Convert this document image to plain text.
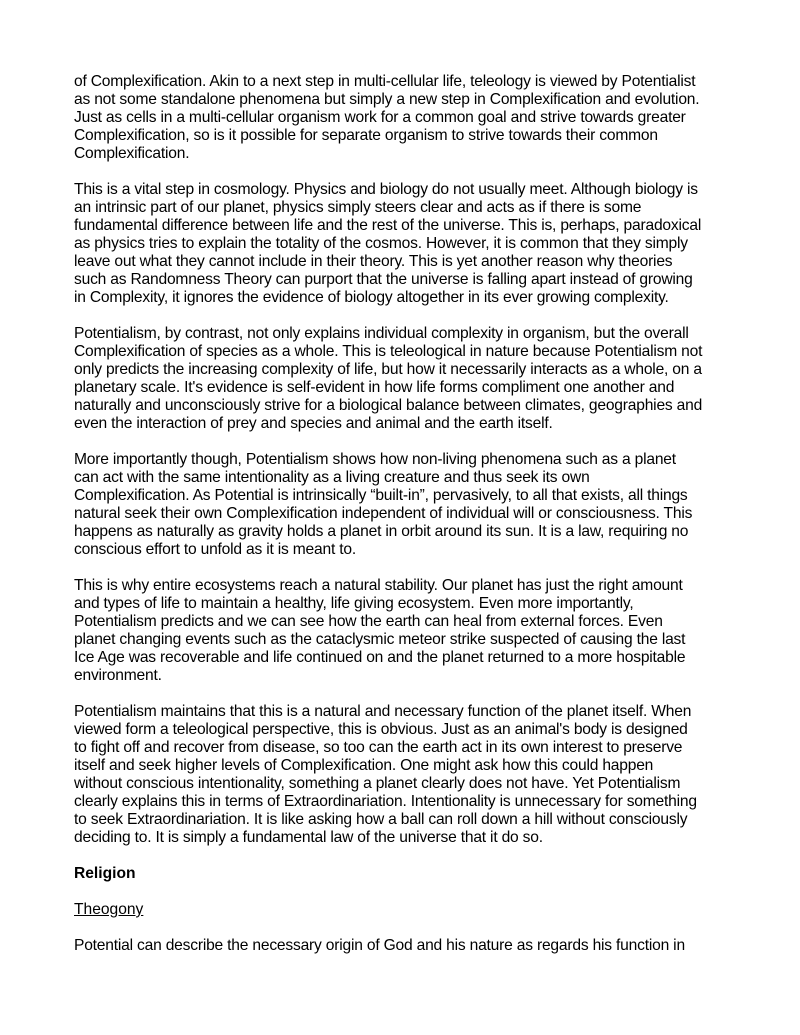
of Complexification. Akin to a next step in multi-cellular life, teleology is viewed by Potentialist
as not some standalone phenomena but simply a new step in Complexification and evolution.
Just as cells in a multi-cellular organism work for a common goal and strive towards greater
Complexification, so is it possible for separate organism to strive towards their common
Complexification.
This is a vital step in cosmology. Physics and biology do not usually meet. Although biology is
an intrinsic part of our planet, physics simply steers clear and acts as if there is some
fundamental difference between life and the rest of the universe. This is, perhaps, paradoxical
as physics tries to explain the totality of the cosmos. However, it is common that they simply
leave out what they cannot include in their theory. This is yet another reason why theories
such as Randomness Theory can purport that the universe is falling apart instead of growing
in Complexity, it ignores the evidence of biology altogether in its ever growing complexity.
Potentialism, by contrast, not only explains individual complexity in organism, but the overall
Complexification of species as a whole. This is teleological in nature because Potentialism not
only predicts the increasing complexity of life, but how it necessarily interacts as a whole, on a
planetary scale. It's evidence is self-evident in how life forms compliment one another and
naturally and unconsciously strive for a biological balance between climates, geographies and
even the interaction of prey and species and animal and the earth itself.
More importantly though, Potentialism shows how non-living phenomena such as a planet
can act with the same intentionality as a living creature and thus seek its own
Complexification. As Potential is intrinsically “built-in”, pervasively, to all that exists, all things
natural seek their own Complexification independent of individual will or consciousness. This
happens as naturally as gravity holds a planet in orbit around its sun. It is a law, requiring no
conscious effort to unfold as it is meant to.
This is why entire ecosystems reach a natural stability. Our planet has just the right amount
and types of life to maintain a healthy, life giving ecosystem. Even more importantly,
Potentialism predicts and we can see how the earth can heal from external forces. Even
planet changing events such as the cataclysmic meteor strike suspected of causing the last
Ice Age was recoverable and life continued on and the planet returned to a more hospitable
environment.
Potentialism maintains that this is a natural and necessary function of the planet itself. When
viewed form a teleological perspective, this is obvious. Just as an animal's body is designed
to fight off and recover from disease, so too can the earth act in its own interest to preserve
itself and seek higher levels of Complexification. One might ask how this could happen
without conscious intentionality, something a planet clearly does not have. Yet Potentialism
clearly explains this in terms of Extraordinariation. Intentionality is unnecessary for something
to seek Extraordinariation. It is like asking how a ball can roll down a hill without consciously
deciding to. It is simply a fundamental law of the universe that it do so.
Religion
Theogony
Potential can describe the necessary origin of God and his nature as regards his function in
